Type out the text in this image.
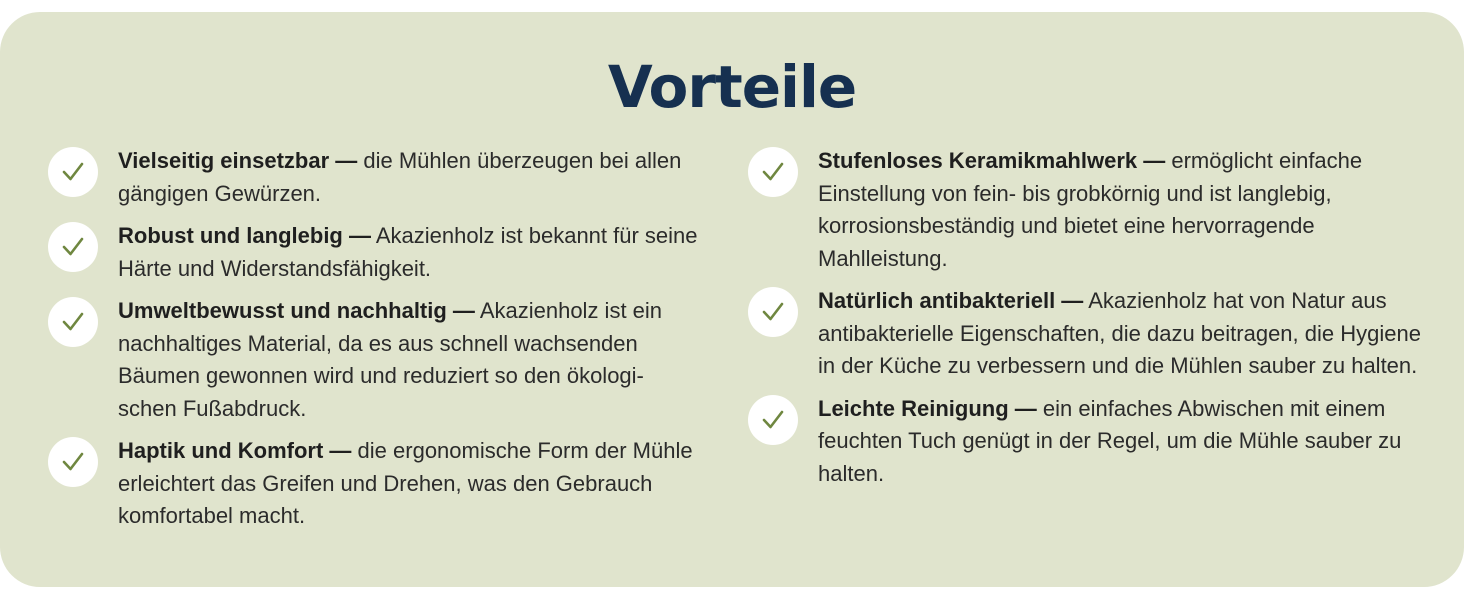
Vorteile
Vielseitig einsetzbar — die Mühlen überzeugen bei allen gängigen Gewürzen.
Robust und langlebig — Akazienholz ist bekannt für seine Härte und Widerstandsfähigkeit.
Umweltbewusst und nachhaltig — Akazienholz ist ein nachhaltiges Material, da es aus schnell wachsenden Bäumen gewonnen wird und reduziert so den ökologi-schen Fußabdruck.
Haptik und Komfort — die ergonomische Form der Mühle erleichtert das Greifen und Drehen, was den Gebrauch komfortabel macht.
Stufenloses Keramikmahlwerk — ermöglicht einfache Einstellung von fein- bis grobkörnig und ist langlebig, korrosionsbeständig und bietet eine hervorragende Mahlleistung.
Natürlich antibakteriell — Akazienholz hat von Natur aus antibakterielle Eigenschaften, die dazu beitragen, die Hygiene in der Küche zu verbessern und die Mühlen sauber zu halten.
Leichte Reinigung — ein einfaches Abwischen mit einem feuchten Tuch genügt in der Regel, um die Mühle sauber zu halten.
